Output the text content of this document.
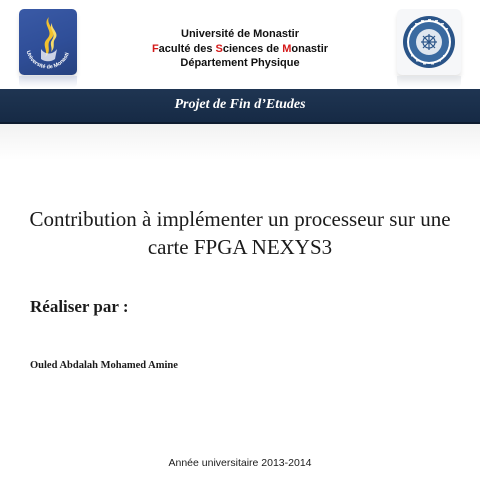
Université de Monasti
Université de Monastir
Faculté des Sciences de Monastir
Département Physique
Projet de Fin d’Etudes
Contribution à implémenter un processeur sur une
carte FPGA NEXYS3
Réaliser par :
Ouled Abdalah Mohamed Amine
Année universitaire 2013-2014
